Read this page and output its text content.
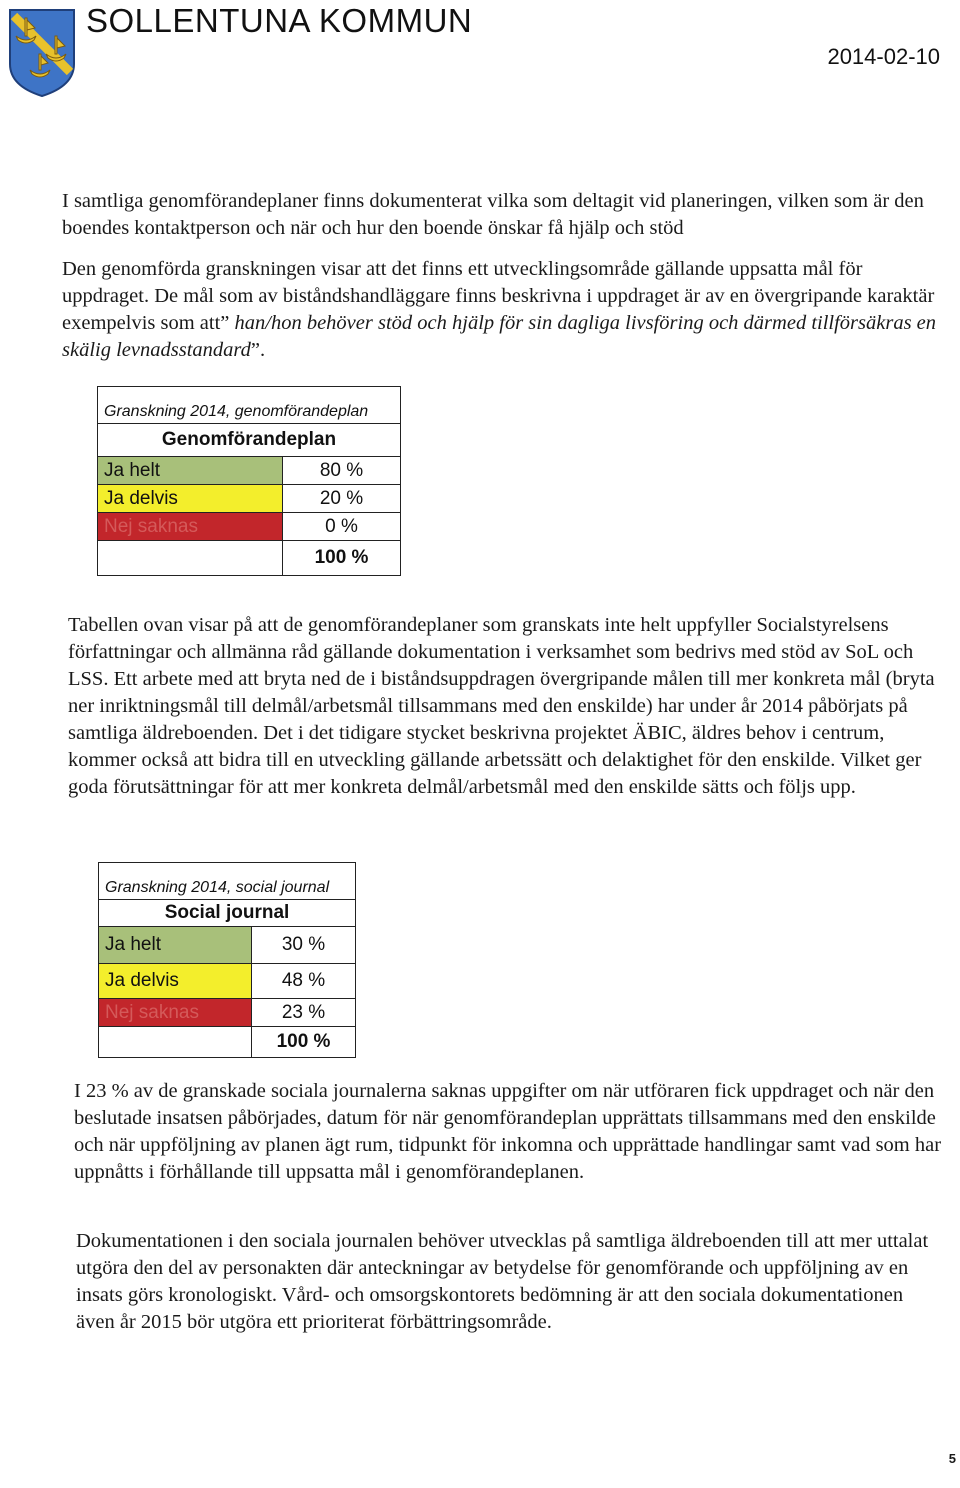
SOLLENTUNA KOMMUN
2014-02-10

I samtliga genomförandeplaner finns dokumenterat vilka som deltagit vid planeringen, vilken som är den boendes kontaktperson och när och hur den boende önskar få hjälp och stöd

Den genomförda granskningen visar att det finns ett utvecklingsområde gällande uppsatta mål för uppdraget. De mål som av biståndshandläggare finns beskrivna i uppdraget är av en övergripande karaktär exempelvis som att” han/hon behöver stöd och hjälp för sin dagliga livsföring och därmed tillförsäkras en skälig levnadsstandard”.

Granskning 2014, genomförandeplan	
Genomförandeplan	
Ja helt	80 %
Ja delvis	20 %
Nej saknas	0 %
	100 %

Tabellen ovan visar på att de genomförandeplaner som granskats inte helt uppfyller Socialstyrelsens författningar och allmänna råd gällande dokumentation i verksamhet som bedrivs med stöd av SoL och LSS. Ett arbete med att bryta ned de i biståndsuppdragen övergripande målen till mer konkreta mål (bryta ner inriktningsmål till delmål/arbetsmål tillsammans med den enskilde) har under år 2014 påbörjats på samtliga äldreboenden. Det i det tidigare stycket beskrivna projektet ÄBIC, äldres behov i centrum, kommer också att bidra till en utveckling gällande arbetssätt och delaktighet för den enskilde. Vilket ger goda förutsättningar för att mer konkreta delmål/arbetsmål med den enskilde sätts och följs upp.

Granskning 2014, social journal	
Social journal	
Ja helt	30 %
Ja delvis	48 %
Nej saknas	23 %
	100 %

I 23 % av de granskade sociala journalerna saknas uppgifter om när utföraren fick uppdraget och när den beslutade insatsen påbörjades, datum för när genomförandeplan upprättats tillsammans med den enskilde och när uppföljning av planen ägt rum, tidpunkt för inkomna och upprättade handlingar samt vad som har uppnåtts i förhållande till uppsatta mål i genomförandeplanen.

Dokumentationen i den sociala journalen behöver utvecklas på samtliga äldreboenden till att mer uttalat utgöra den del av personakten där anteckningar av betydelse för genomförande och uppföljning av en insats görs kronologiskt. Vård- och omsorgskontorets bedömning är att den sociala dokumentationen även år 2015 bör utgöra ett prioriterat förbättringsområde.

5
